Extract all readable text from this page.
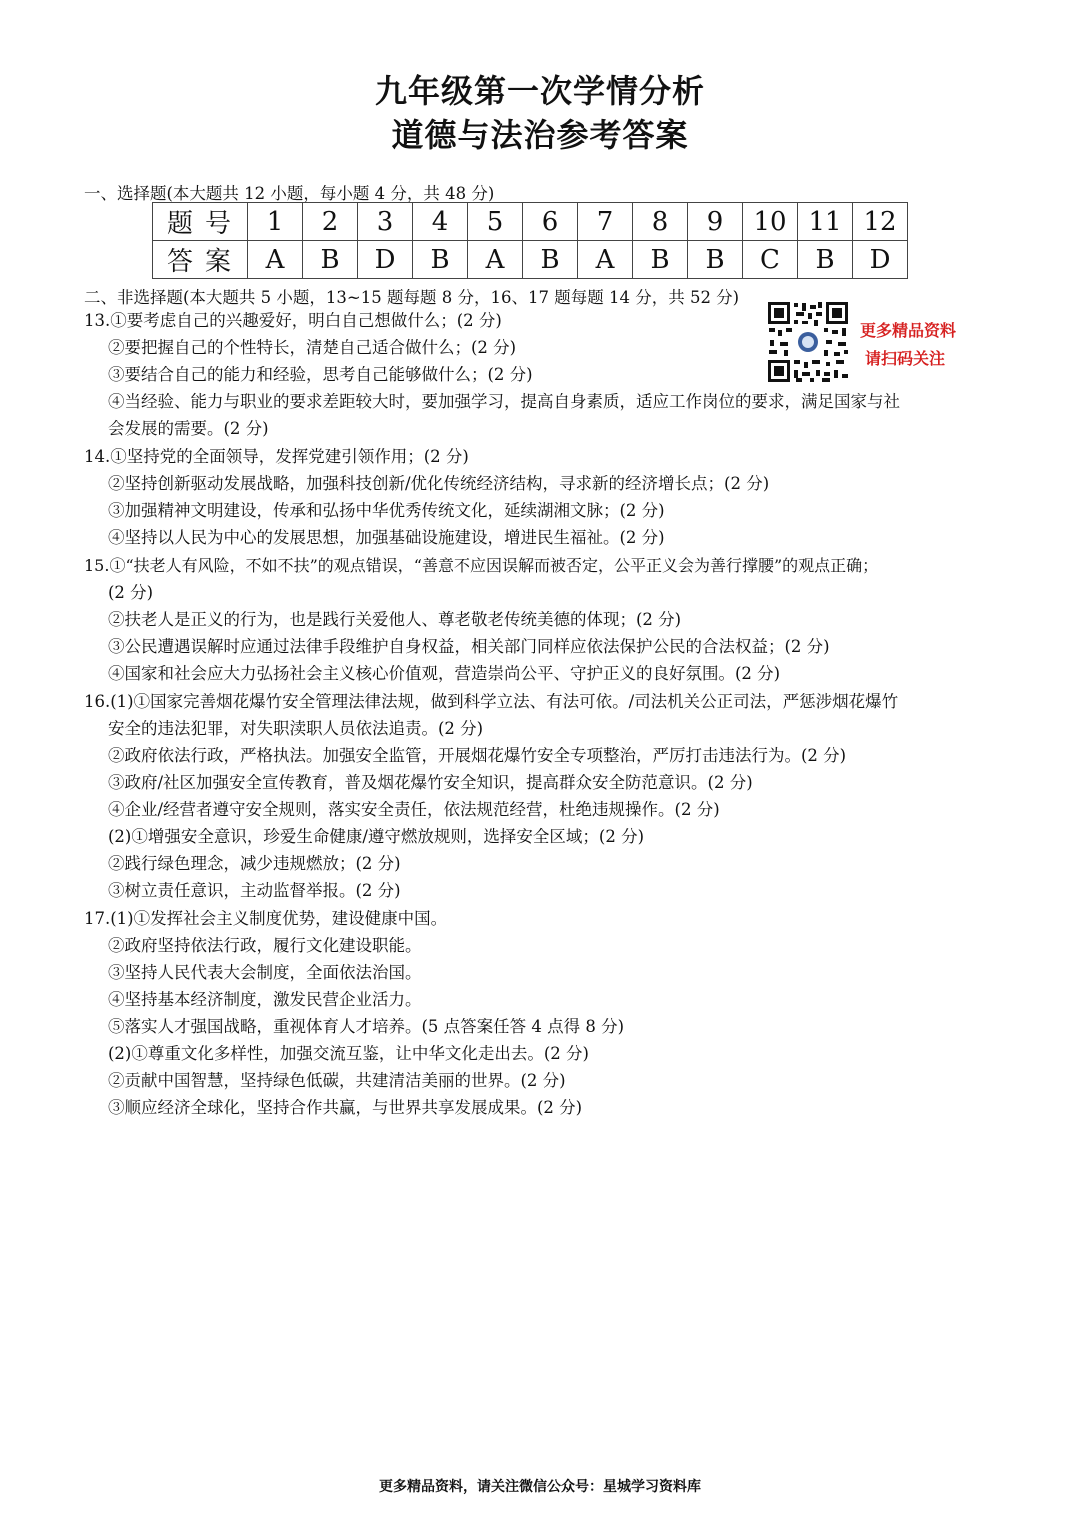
九年级第一次学情分析
道德与法治参考答案
一、选择题(本大题共 12 小题，每小题 4 分，共 48 分)
题号	1	2	3	4	5	6	7	8	9	10	11	12
答案	A	B	D	B	A	B	A	B	B	C	B	D
二、非选择题(本大题共 5 小题，13~15 题每题 8 分，16、17 题每题 14 分，共 52 分)
更多精品资料
请扫码关注
13.①要考虑自己的兴趣爱好，明白自己想做什么；(2 分)
②要把握自己的个性特长，清楚自己适合做什么；(2 分)
③要结合自己的能力和经验，思考自己能够做什么；(2 分)
④当经验、能力与职业的要求差距较大时，要加强学习，提高自身素质，适应工作岗位的要求，满足国家与社
会发展的需要。(2 分)
14.①坚持党的全面领导，发挥党建引领作用；(2 分)
②坚持创新驱动发展战略，加强科技创新/优化传统经济结构，寻求新的经济增长点；(2 分)
③加强精神文明建设，传承和弘扬中华优秀传统文化，延续湖湘文脉；(2 分)
④坚持以人民为中心的发展思想，加强基础设施建设，增进民生福祉。(2 分)
15.①“扶老人有风险，不如不扶”的观点错误，“善意不应因误解而被否定，公平正义会为善行撑腰”的观点正确；
(2 分)
②扶老人是正义的行为，也是践行关爱他人、尊老敬老传统美德的体现；(2 分)
③公民遭遇误解时应通过法律手段维护自身权益，相关部门同样应依法保护公民的合法权益；(2 分)
④国家和社会应大力弘扬社会主义核心价值观，营造崇尚公平、守护正义的良好氛围。(2 分)
16.(1)①国家完善烟花爆竹安全管理法律法规，做到科学立法、有法可依。/司法机关公正司法，严惩涉烟花爆竹
安全的违法犯罪，对失职渎职人员依法追责。(2 分)
②政府依法行政，严格执法。加强安全监管，开展烟花爆竹安全专项整治，严厉打击违法行为。(2 分)
③政府/社区加强安全宣传教育，普及烟花爆竹安全知识，提高群众安全防范意识。(2 分)
④企业/经营者遵守安全规则，落实安全责任，依法规范经营，杜绝违规操作。(2 分)
(2)①增强安全意识，珍爱生命健康/遵守燃放规则，选择安全区域；(2 分)
②践行绿色理念，减少违规燃放；(2 分)
③树立责任意识，主动监督举报。(2 分)
17.(1)①发挥社会主义制度优势，建设健康中国。
②政府坚持依法行政，履行文化建设职能。
③坚持人民代表大会制度，全面依法治国。
④坚持基本经济制度，激发民营企业活力。
⑤落实人才强国战略，重视体育人才培养。(5 点答案任答 4 点得 8 分)
(2)①尊重文化多样性，加强交流互鉴，让中华文化走出去。(2 分)
②贡献中国智慧，坚持绿色低碳，共建清洁美丽的世界。(2 分)
③顺应经济全球化，坚持合作共赢，与世界共享发展成果。(2 分)
更多精品资料，请关注微信公众号：星城学习资料库
